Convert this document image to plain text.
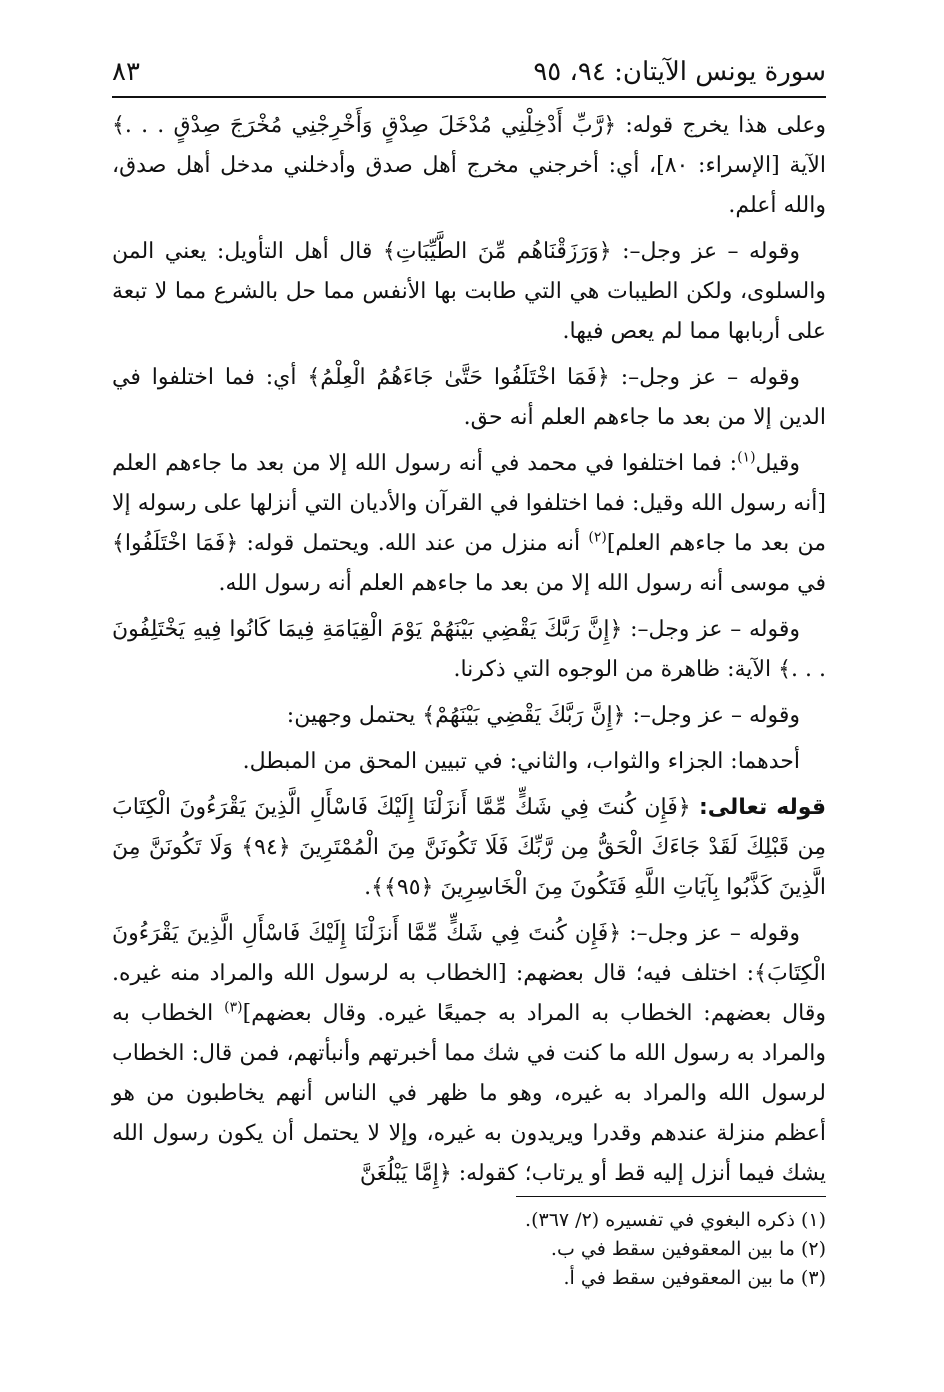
سورة يونس الآيتان: ٩٤، ٩٥
٨٣

وعلى هذا يخرج قوله: ﴿رَّبِّ أَدْخِلْنِي مُدْخَلَ صِدْقٍ وَأَخْرِجْنِي مُخْرَجَ صِدْقٍ . . .﴾ الآية [الإسراء: ٨٠]، أي: أخرجني مخرج أهل صدق وأدخلني مدخل أهل صدق، والله أعلم.

وقوله – عز وجل–: ﴿وَرَزَقْنَاهُم مِّنَ الطَّيِّبَاتِ﴾ قال أهل التأويل: يعني المن والسلوى، ولكن الطيبات هي التي طابت بها الأنفس مما حل بالشرع مما لا تبعة على أربابها مما لم يعص فيها.

وقوله – عز وجل–: ﴿فَمَا اخْتَلَفُوا حَتَّىٰ جَاءَهُمُ الْعِلْمُ﴾ أي: فما اختلفوا في الدين إلا من بعد ما جاءهم العلم أنه حق.

وقيل$^{(١)}$: فما اختلفوا في محمد في أنه رسول الله إلا من بعد ما جاءهم العلم [أنه رسول الله وقيل: فما اختلفوا في القرآن والأديان التي أنزلها على رسوله إلا من بعد ما جاءهم العلم]$^{(٢)}$ أنه منزل من عند الله. ويحتمل قوله: ﴿فَمَا اخْتَلَفُوا﴾ في موسى أنه رسول الله إلا من بعد ما جاءهم العلم أنه رسول الله.

وقوله – عز وجل–: ﴿إِنَّ رَبَّكَ يَقْضِي بَيْنَهُمْ يَوْمَ الْقِيَامَةِ فِيمَا كَانُوا فِيهِ يَخْتَلِفُونَ . . .﴾ الآية: ظاهرة من الوجوه التي ذكرنا.

وقوله – عز وجل–: ﴿إِنَّ رَبَّكَ يَقْضِي بَيْنَهُمْ﴾ يحتمل وجهين:

أحدهما: الجزاء والثواب، والثاني: في تبيين المحق من المبطل.

قوله تعالى: ﴿فَإِن كُنتَ فِي شَكٍّ مِّمَّا أَنزَلْنَا إِلَيْكَ فَاسْأَلِ الَّذِينَ يَقْرَءُونَ الْكِتَابَ مِن قَبْلِكَ لَقَدْ جَاءَكَ الْحَقُّ مِن رَّبِّكَ فَلَا تَكُونَنَّ مِنَ الْمُمْتَرِينَ ﴿٩٤﴾ وَلَا تَكُونَنَّ مِنَ الَّذِينَ كَذَّبُوا بِآيَاتِ اللَّهِ فَتَكُونَ مِنَ الْخَاسِرِينَ ﴿٩٥﴾﴾.

وقوله – عز وجل–: ﴿فَإِن كُنتَ فِي شَكٍّ مِّمَّا أَنزَلْنَا إِلَيْكَ فَاسْأَلِ الَّذِينَ يَقْرَءُونَ الْكِتَابَ﴾: اختلف فيه؛ قال بعضهم: [الخطاب به لرسول الله والمراد منه غيره. وقال بعضهم: الخطاب به المراد به جميعًا غيره. وقال بعضهم]$^{(٣)}$ الخطاب به والمراد به رسول الله ما كنت في شك مما أخبرتهم وأنبأتهم، فمن قال: الخطاب لرسول الله والمراد به غيره، وهو ما ظهر في الناس أنهم يخاطبون من هو أعظم منزلة عندهم وقدرا ويريدون به غيره، وإلا لا يحتمل أن يكون رسول الله يشك فيما أنزل إليه قط أو يرتاب؛ كقوله: ﴿إِمَّا يَبْلُغَنَّ

(١) ذكره البغوي في تفسيره (٢/ ٣٦٧).
(٢) ما بين المعقوفين سقط في ب.
(٣) ما بين المعقوفين سقط في أ.
